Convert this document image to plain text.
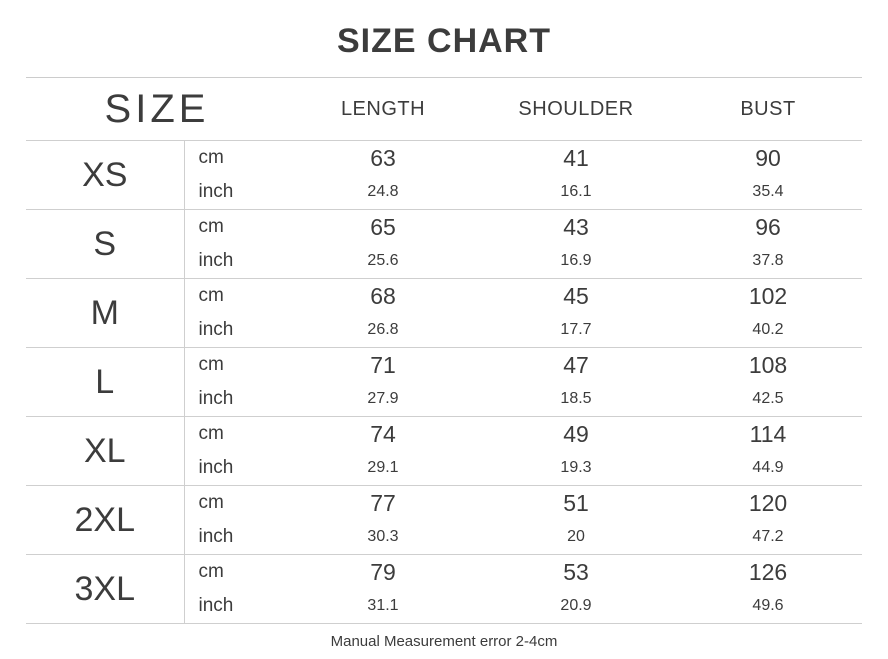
SIZE CHART
SIZE		LENGTH	SHOULDER	BUST
XS	cm	63	41	90
	inch	24.8	16.1	35.4
S	cm	65	43	96
	inch	25.6	16.9	37.8
M	cm	68	45	102
	inch	26.8	17.7	40.2
L	cm	71	47	108
	inch	27.9	18.5	42.5
XL	cm	74	49	114
	inch	29.1	19.3	44.9
2XL	cm	77	51	120
	inch	30.3	20	47.2
3XL	cm	79	53	126
	inch	31.1	20.9	49.6
Manual Measurement error 2-4cm
